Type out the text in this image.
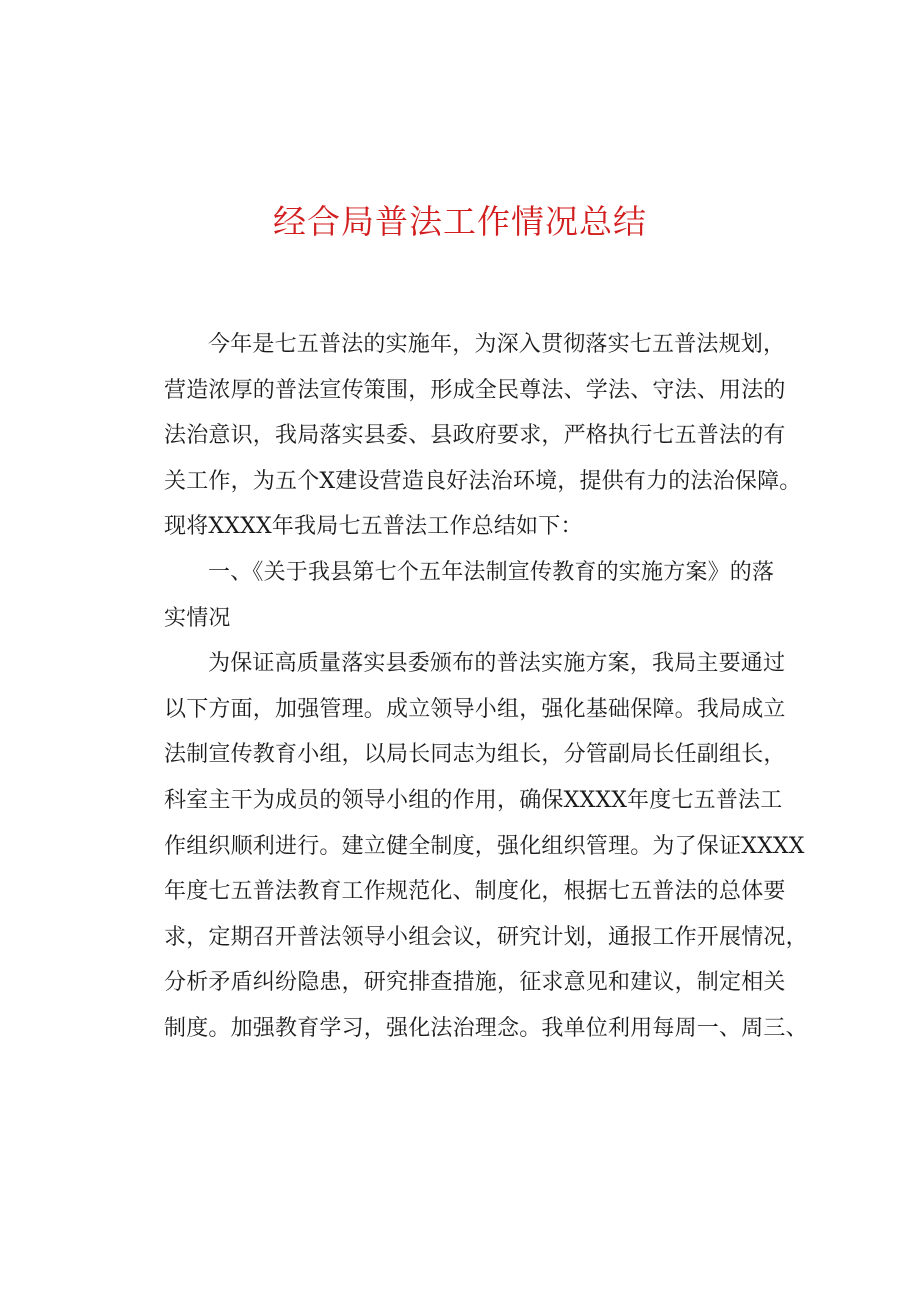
经合局普法工作情况总结
今年是七五普法的实施年，为深入贯彻落实七五普法规划，
营造浓厚的普法宣传策围，形成全民尊法、学法、守法、用法的
法治意识，我局落实县委、县政府要求，严格执行七五普法的有
关工作，为五个X建设营造良好法治环境，提供有力的法治保障。
现将XXXX年我局七五普法工作总结如下：
一、《关于我县第七个五年法制宣传教育的实施方案》的落
实情况
为保证高质量落实县委颁布的普法实施方案，我局主要通过
以下方面，加强管理。成立领导小组，强化基础保障。我局成立
法制宣传教育小组，以局长同志为组长，分管副局长任副组长，
科室主干为成员的领导小组的作用，确保XXXX年度七五普法工
作组织顺利进行。建立健全制度，强化组织管理。为了保证XXXX
年度七五普法教育工作规范化、制度化，根据七五普法的总体要
求，定期召开普法领导小组会议，研究计划，通报工作开展情况，
分析矛盾纠纷隐患，研究排查措施，征求意见和建议，制定相关
制度。加强教育学习，强化法治理念。我单位利用每周一、周三、
